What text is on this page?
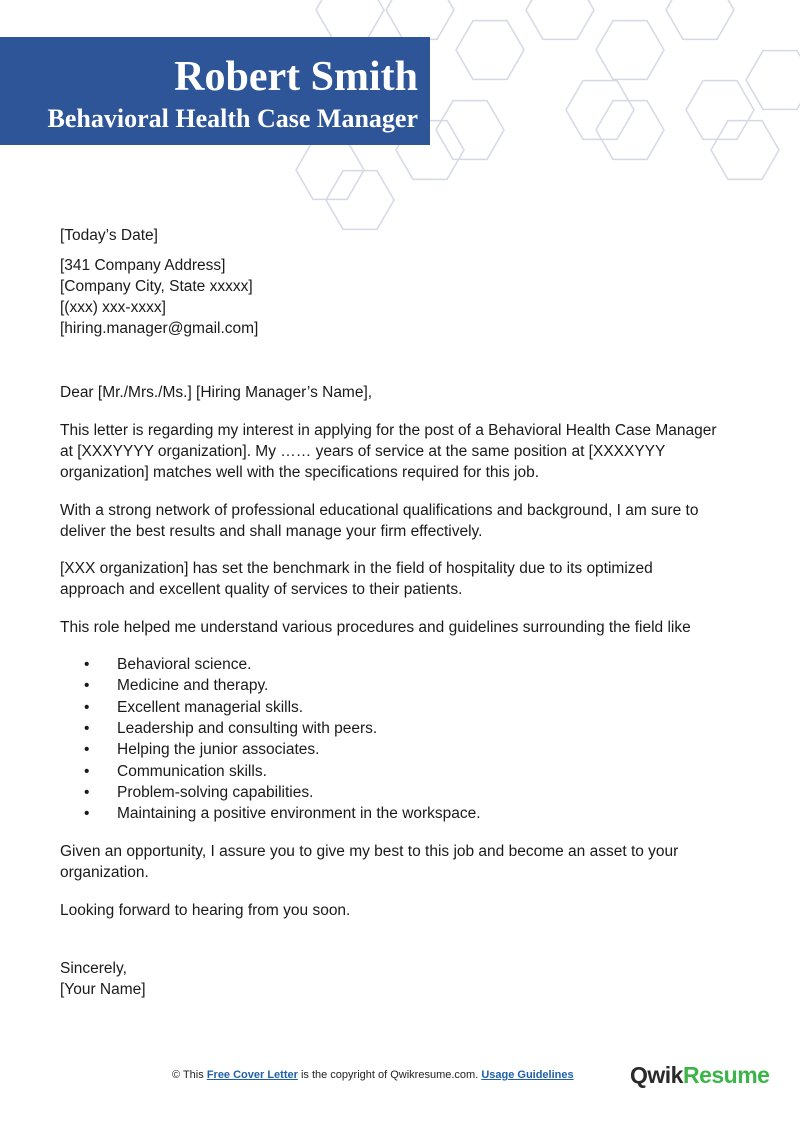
Robert Smith
Behavioral Health Case Manager
[Today’s Date]
[341 Company Address]
[Company City, State xxxxx]
[(xxx) xxx-xxxx]
[hiring.manager@gmail.com]
Dear [Mr./Mrs./Ms.] [Hiring Manager’s Name],
This letter is regarding my interest in applying for the post of a Behavioral Health Case Manager
at [XXXYYYY organization]. My …… years of service at the same position at [XXXXYYY
organization] matches well with the specifications required for this job.
With a strong network of professional educational qualifications and background, I am sure to
deliver the best results and shall manage your firm effectively.
[XXX organization] has set the benchmark in the field of hospitality due to its optimized
approach and excellent quality of services to their patients.
This role helped me understand various procedures and guidelines surrounding the field like
• Behavioral science.
• Medicine and therapy.
• Excellent managerial skills.
• Leadership and consulting with peers.
• Helping the junior associates.
• Communication skills.
• Problem-solving capabilities.
• Maintaining a positive environment in the workspace.
Given an opportunity, I assure you to give my best to this job and become an asset to your
organization.
Looking forward to hearing from you soon.
Sincerely,
[Your Name]
© This Free Cover Letter is the copyright of Qwikresume.com. Usage Guidelines QwikResume
